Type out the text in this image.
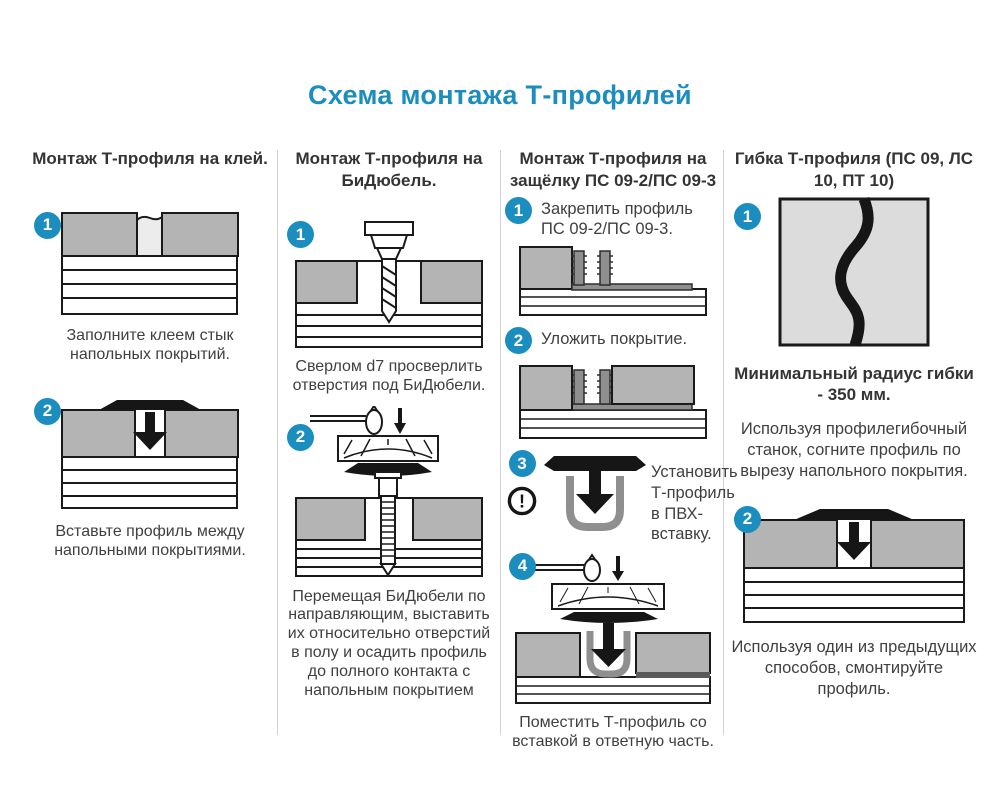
Схема монтажа Т-профилей
Монтаж Т-профиля на клей.
1
Заполните клеем стык напольных покрытий.
2
Вставьте профиль между напольными покрытиями.
Монтаж Т-профиля на БиДюбель.
1
Сверлом d7 просверлить отверстия под БиДюбели.
2
Перемещая БиДюбели по направляющим, выставить их относительно отверстий в полу и осадить профиль до полного контакта с напольным покрытием
Монтаж Т-профиля на защёлку ПС 09-2/ПС 09-3
1	Закрепить профиль ПС 09-2/ПС 09-3.
2	Уложить покрытие.
3
!
Установить Т-профиль в ПВХ-вставку.
4
Поместить Т-профиль со вставкой в ответную часть.
Гибка Т-профиля (ПС 09, ЛС 10, ПТ 10)
1
Минимальный радиус гибки - 350 мм.
Используя профилегибочный станок, согните профиль по вырезу напольного покрытия.
2
Используя один из предыдущих способов, смонтируйте профиль.
